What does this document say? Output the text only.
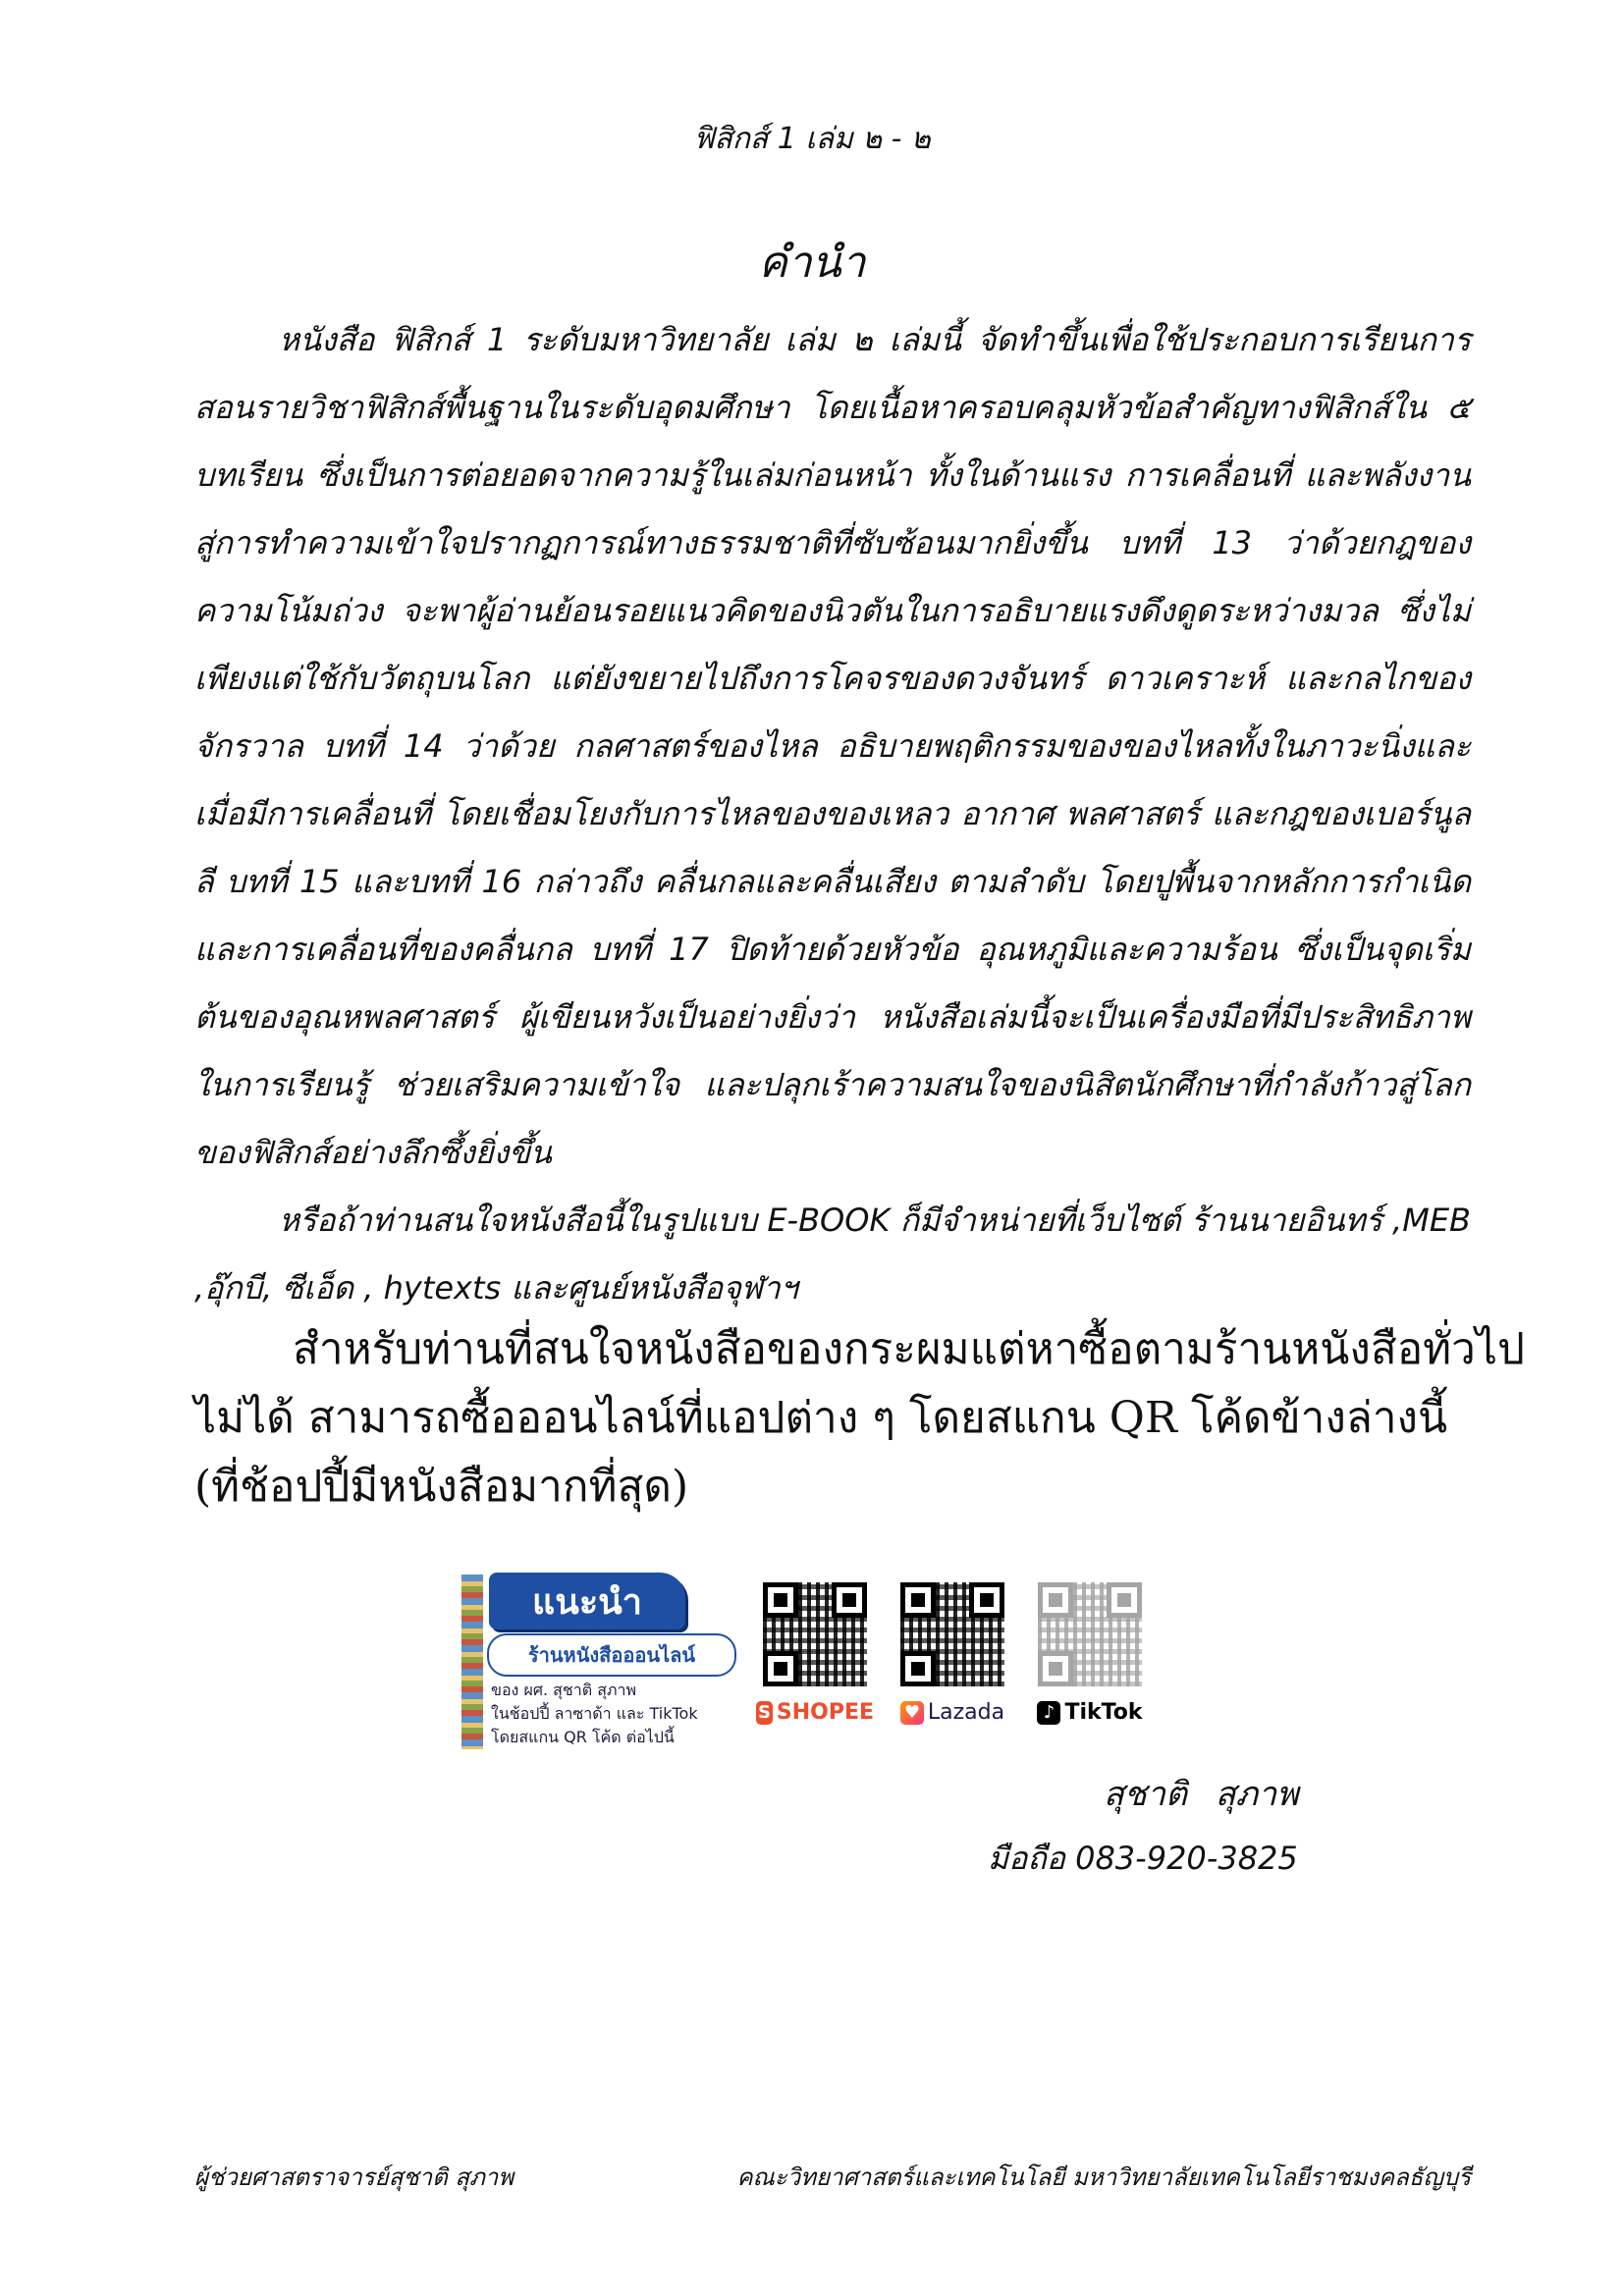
ฟิสิกส์ 1 เล่ม ๒ - ๒
คำนำ

หนังสือ ฟิสิกส์ 1 ระดับมหาวิทยาลัย เล่ม ๒ เล่มนี้ จัดทำขึ้นเพื่อใช้ประกอบการเรียนการสอนรายวิชาฟิสิกส์พื้นฐานในระดับอุดมศึกษา โดยเนื้อหาครอบคลุมหัวข้อสำคัญทางฟิสิกส์ใน ๕ บทเรียน ซึ่งเป็นการต่อยอดจากความรู้ในเล่มก่อนหน้า ทั้งในด้านแรง การเคลื่อนที่ และพลังงาน สู่การทำความเข้าใจปรากฏการณ์ทางธรรมชาติที่ซับซ้อนมากยิ่งขึ้น บทที่ 13 ว่าด้วยกฎของความโน้มถ่วง จะพาผู้อ่านย้อนรอยแนวคิดของนิวตันในการอธิบายแรงดึงดูดระหว่างมวล ซึ่งไม่เพียงแต่ใช้กับวัตถุบนโลก แต่ยังขยายไปถึงการโคจรของดวงจันทร์ ดาวเคราะห์ และกลไกของจักรวาล บทที่ 14 ว่าด้วย กลศาสตร์ของไหล อธิบายพฤติกรรมของของไหลทั้งในภาวะนิ่งและเมื่อมีการเคลื่อนที่ โดยเชื่อมโยงกับการไหลของของเหลว อากาศ พลศาสตร์ และกฎของเบอร์นูลลี บทที่ 15 และบทที่ 16 กล่าวถึง คลื่นกลและคลื่นเสียง ตามลำดับ โดยปูพื้นจากหลักการกำเนิดและการเคลื่อนที่ของคลื่นกล บทที่ 17 ปิดท้ายด้วยหัวข้อ อุณหภูมิและความร้อน ซึ่งเป็นจุดเริ่มต้นของอุณหพลศาสตร์ ผู้เขียนหวังเป็นอย่างยิ่งว่า หนังสือเล่มนี้จะเป็นเครื่องมือที่มีประสิทธิภาพในการเรียนรู้ ช่วยเสริมความเข้าใจ และปลุกเร้าความสนใจของนิสิตนักศึกษาที่กำลังก้าวสู่โลกของฟิสิกส์อย่างลึกซึ้งยิ่งขึ้น

หรือถ้าท่านสนใจหนังสือนี้ในรูปแบบ E-BOOK ก็มีจำหน่ายที่เว็บไซต์ ร้านนายอินทร์ ,MEB ,อุ๊กบี, ซีเอ็ด , hytexts และศูนย์หนังสือจุฬาฯ

สำหรับท่านที่สนใจหนังสือของกระผมแต่หาซื้อตามร้านหนังสือทั่วไป
ไม่ได้ สามารถซื้อออนไลน์ที่แอปต่าง ๆ โดยสแกน QR โค้ดข้างล่างนี้
(ที่ช้อปปี้มีหนังสือมากที่สุด)
แนะนำ
ร้านหนังสือออนไลน์
ของ ผศ. สุชาติ สุภาพ
ในช้อปปี้ ลาซาด้า และ TikTok
โดยสแกน QR โค้ด ต่อไปนี้
S SHOPEE ♥ Lazada	♪ TikTok
สุชาติ สุภาพ
มือถือ 083-920-3825
ผู้ช่วยศาสตราจารย์สุชาติ สุภาพ	คณะวิทยาศาสตร์และเทคโนโลยี มหาวิทยาลัยเทคโนโลยีราชมงคลธัญบุรี
